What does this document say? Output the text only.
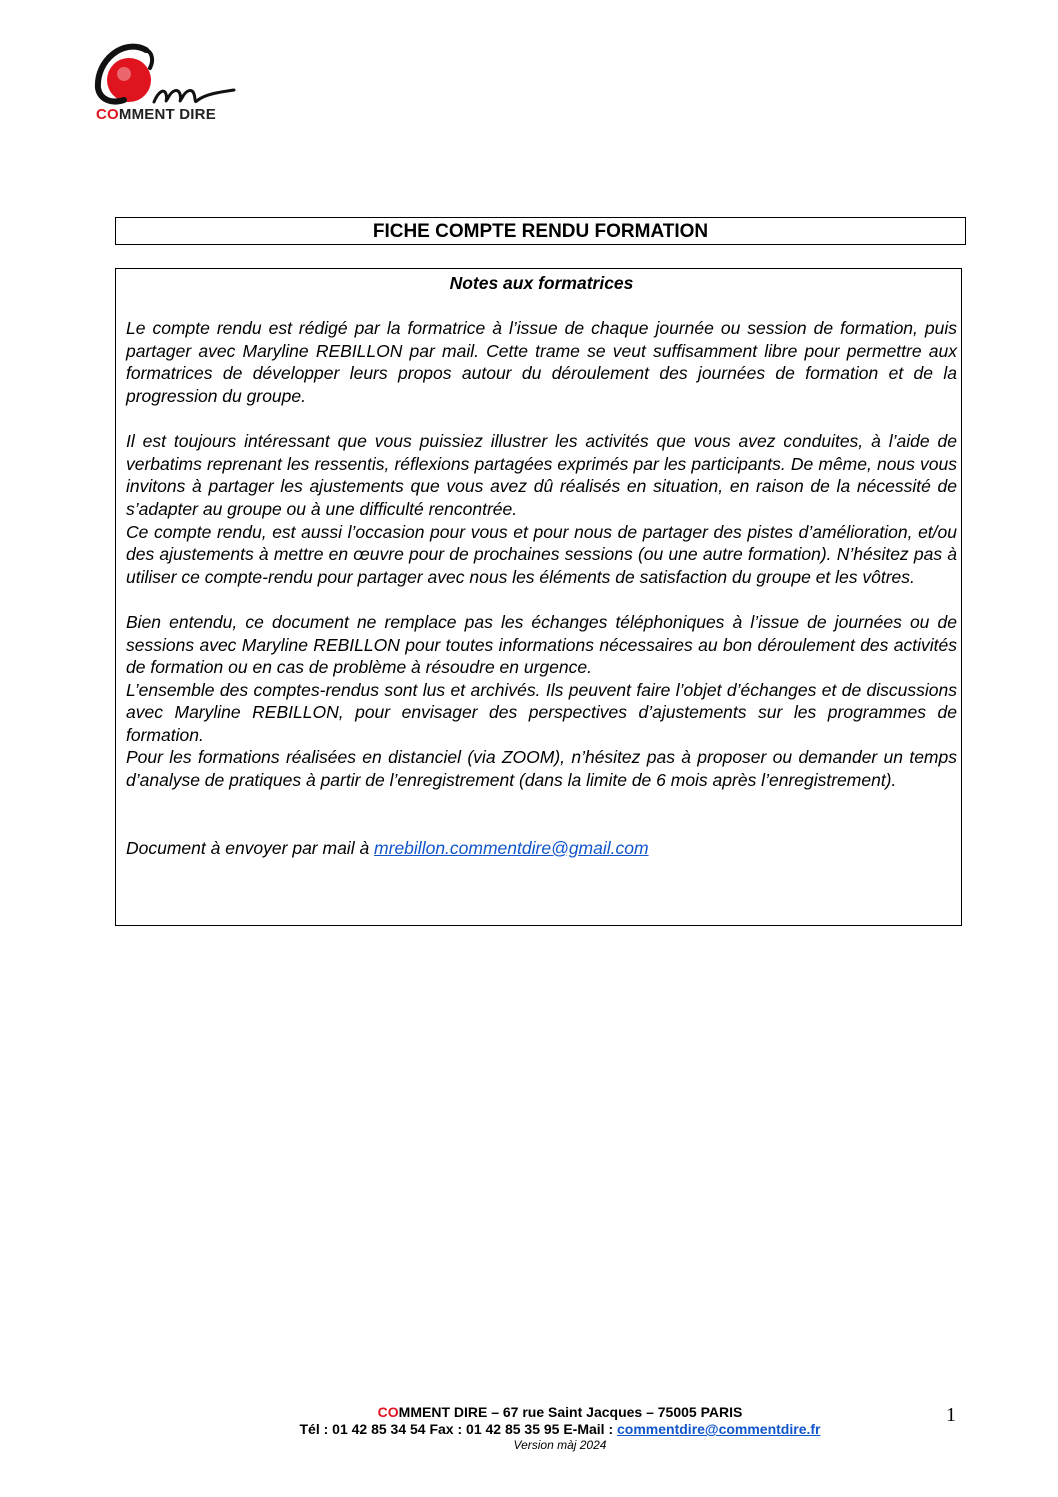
COMMENT DIRE
FICHE COMPTE RENDU FORMATION
Notes aux formatrices

Le compte rendu est rédigé par la formatrice à l’issue de chaque journée ou session de formation, puis partager avec Maryline REBILLON par mail. Cette trame se veut suffisamment libre pour permettre aux formatrices de développer leurs propos autour du déroulement des journées de formation et de la progression du groupe.

Il est toujours intéressant que vous puissiez illustrer les activités que vous avez conduites, à l’aide de verbatims reprenant les ressentis, réflexions partagées exprimés par les participants. De même, nous vous invitons à partager les ajustements que vous avez dû réalisés en situation, en raison de la nécessité de s’adapter au groupe ou à une difficulté rencontrée.

Ce compte rendu, est aussi l’occasion pour vous et pour nous de partager des pistes d’amélioration, et/ou des ajustements à mettre en œuvre pour de prochaines sessions (ou une autre formation). N’hésitez pas à utiliser ce compte-rendu pour partager avec nous les éléments de satisfaction du groupe et les vôtres.

Bien entendu, ce document ne remplace pas les échanges téléphoniques à l’issue de journées ou de sessions avec Maryline REBILLON pour toutes informations nécessaires au bon déroulement des activités de formation ou en cas de problème à résoudre en urgence.

L’ensemble des comptes-rendus sont lus et archivés. Ils peuvent faire l’objet d’échanges et de discussions avec Maryline REBILLON, pour envisager des perspectives d’ajustements sur les programmes de formation.

Pour les formations réalisées en distanciel (via ZOOM), n’hésitez pas à proposer ou demander un temps d’analyse de pratiques à partir de l’enregistrement (dans la limite de 6 mois après l’enregistrement).

Document à envoyer par mail à mrebillon.commentdire@gmail.com

COMMENT DIRE – 67 rue Saint Jacques – 75005 PARIS
Tél : 01 42 85 34 54 Fax : 01 42 85 35 95 E-Mail : commentdire@commentdire.fr
Version màj 2024
1
